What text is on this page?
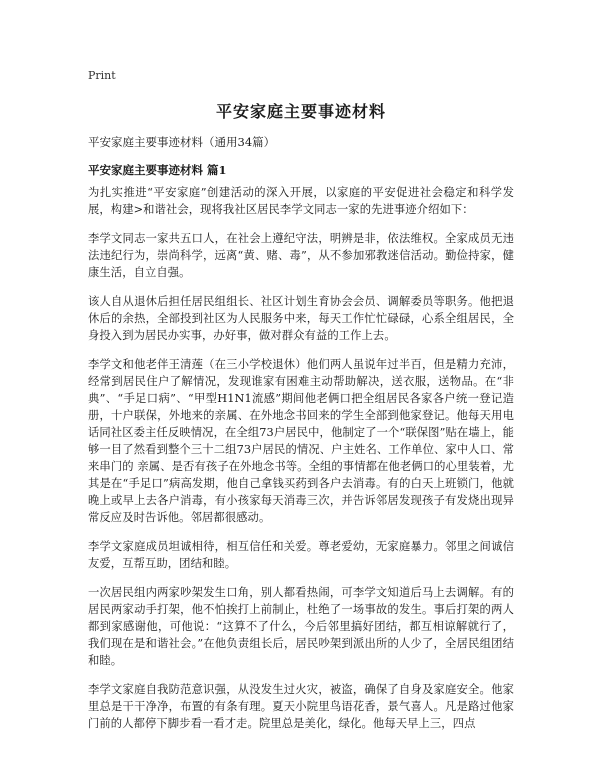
Print
平安家庭主要事迹材料
平安家庭主要事迹材料（通用34篇）
平安家庭主要事迹材料 篇1

为扎实推进“平安家庭”创建活动的深入开展，以家庭的平安促进社会稳定和科学发展，构建>和谐社会，现将我社区居民李学文同志一家的先进事迹介绍如下：

李学文同志一家共五口人，在社会上遵纪守法，明辨是非，依法维权。全家成员无违法违纪行为，崇尚科学，远离“黄、赌、毒”，从不参加邪教迷信活动。勤俭持家，健康生活，自立自强。

该人自从退休后担任居民组组长、社区计划生育协会会员、调解委员等职务。他把退休后的余热，全部投到社区为人民服务中来，每天工作忙忙碌碌，心系全组居民，全身投入到为居民办实事，办好事，做对群众有益的工作上去。

李学文和他老伴王清莲（在三小学校退休）他们两人虽说年过半百，但是精力充沛，经常到居民住户了解情况，发现谁家有困难主动帮助解决，送衣服，送物品。在“非典”、“手足口病”、“甲型H1N1流感”期间他老俩口把全组居民各家各户统一登记造册，十户联保，外地来的亲属、在外地念书回来的学生全部到他家登记。他每天用电话同社区委主任反映情况，在全组73户居民中，他制定了一个“联保图”贴在墙上，能够一目了然看到整个三十二组73户居民的情况、户主姓名、工作单位、家中人口、常来串门的 亲属、是否有孩子在外地念书等。全组的事情都在他老俩口的心里装着，尤其是在“手足口”病高发期，他自己拿钱买药到各户去消毒。有的白天上班锁门，他就晚上或早上去各户消毒，有小孩家每天消毒三次，并告诉邻居发现孩子有发烧出现异常反应及时告诉他。邻居都很感动。

李学文家庭成员坦诚相待，相互信任和关爱。尊老爱幼，无家庭暴力。邻里之间诚信友爱，互帮互助，团结和睦。

一次居民组内两家吵架发生口角，别人都看热闹，可李学文知道后马上去调解。有的居民两家动手打架，他不怕挨打上前制止，杜绝了一场事故的发生。事后打架的两人都到家感谢他，可他说：“这算不了什么，今后邻里搞好团结，都互相谅解就行了，我们现在是和谐社会。”在他负责组长后，居民吵架到派出所的人少了，全居民组团结和睦。

李学文家庭自我防范意识强，从没发生过火灾，被盗，确保了自身及家庭安全。他家里总是干干净净，布置的有条有理。夏天小院里鸟语花香，景气喜人。凡是路过他家门前的人都停下脚步看一看才走。院里总是美化，绿化。他每天早上三，四点
